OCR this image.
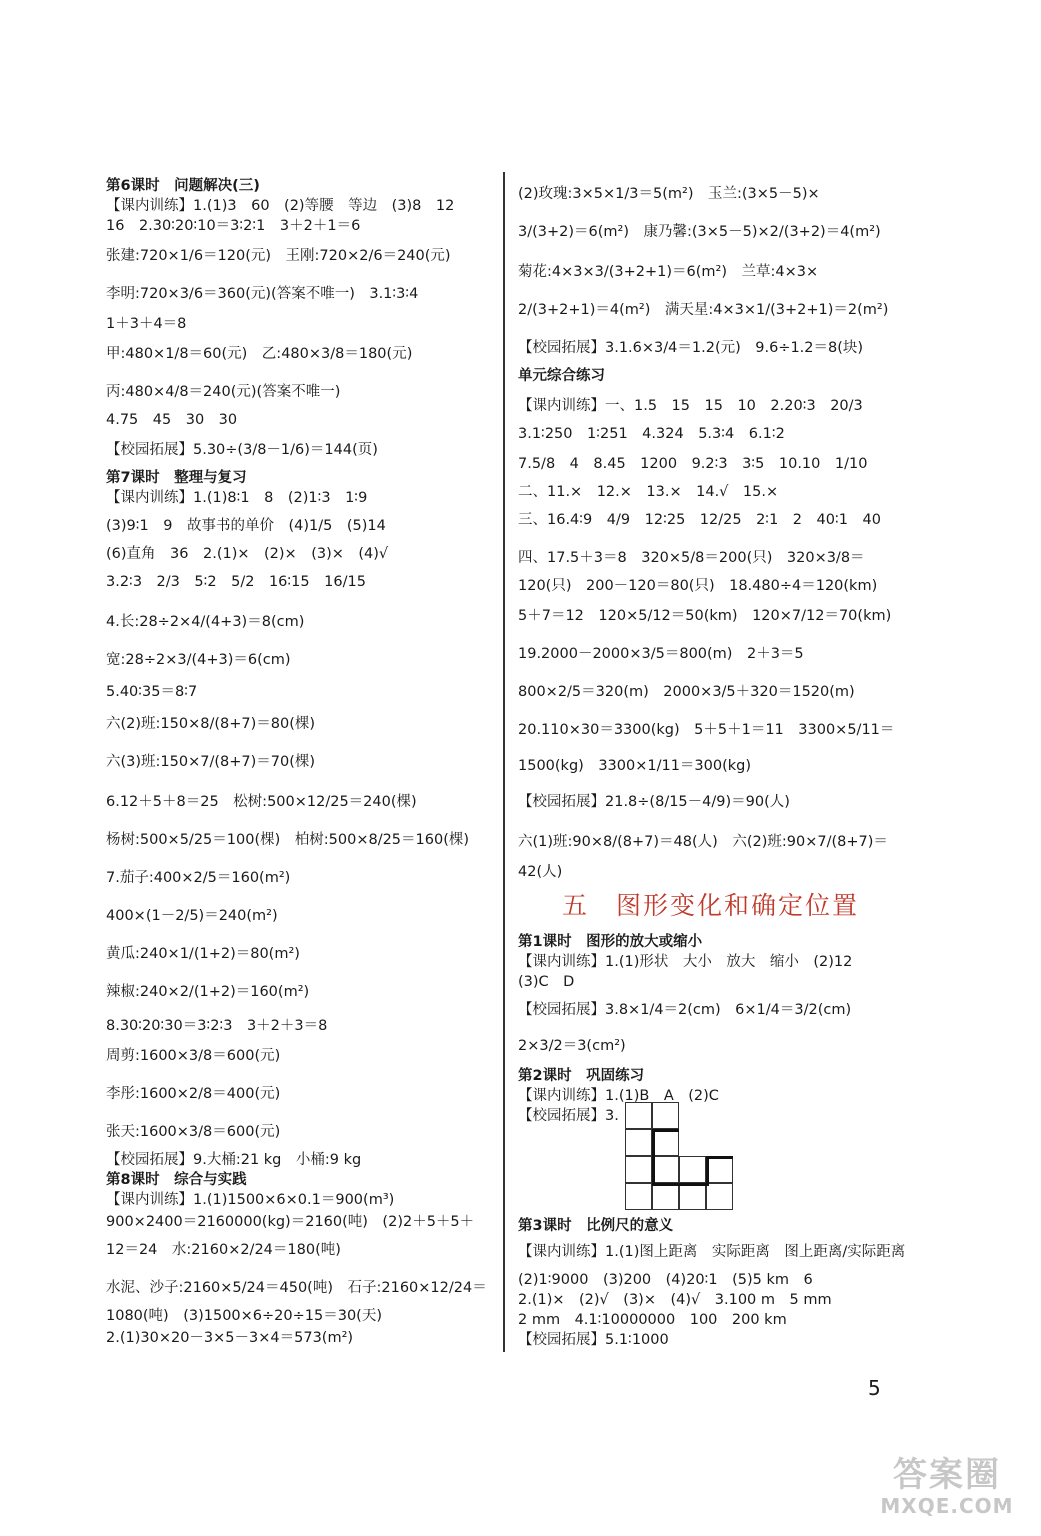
第6课时　问题解决(三)
【课内训练】1.(1)3　60　(2)等腰　等边　(3)8　12
16　2.30∶20∶10＝3∶2∶1　3＋2＋1＝6
张建:720×1/6＝120(元)　王刚:720×2/6＝240(元)
李明:720×3/6＝360(元)(答案不唯一)　3.1∶3∶4
1＋3＋4＝8
甲:480×1/8＝60(元)　乙:480×3/8＝180(元)
丙:480×4/8＝240(元)(答案不唯一)
4.75　45　30　30
【校园拓展】5.30÷(3/8－1/6)＝144(页)
第7课时　整理与复习
【课内训练】1.(1)8∶1　8　(2)1∶3　1∶9
(3)9∶1　9　故事书的单价　(4)1/5　(5)14
(6)直角　36　2.(1)×　(2)×　(3)×　(4)√
3.2∶3　2/3　5∶2　5/2　16∶15　16/15
4.长:28÷2×4/(4+3)＝8(cm)
宽:28÷2×3/(4+3)＝6(cm)
5.40∶35＝8∶7
六(2)班:150×8/(8+7)＝80(棵)
六(3)班:150×7/(8+7)＝70(棵)
6.12＋5＋8＝25　松树:500×12/25＝240(棵)
杨树:500×5/25＝100(棵)　柏树:500×8/25＝160(棵)
7.茄子:400×2/5＝160(m²)
400×(1－2/5)＝240(m²)
黄瓜:240×1/(1+2)＝80(m²)
辣椒:240×2/(1+2)＝160(m²)
8.30∶20∶30＝3∶2∶3　3＋2＋3＝8
周剪:1600×3/8＝600(元)
李彤:1600×2/8＝400(元)
张天:1600×3/8＝600(元)
【校园拓展】9.大桶:21 kg　小桶:9 kg
第8课时　综合与实践
【课内训练】1.(1)1500×6×0.1＝900(m³)
900×2400＝2160000(kg)＝2160(吨)　(2)2＋5＋5＋
12＝24　水:2160×2/24＝180(吨)
水泥、沙子:2160×5/24＝450(吨)　石子:2160×12/24＝
1080(吨)　(3)1500×6÷20÷15＝30(天)
2.(1)30×20－3×5－3×4＝573(m²)
(2)玫瑰:3×5×1/3＝5(m²)　玉兰:(3×5－5)×
3/(3+2)＝6(m²)　康乃馨:(3×5－5)×2/(3+2)＝4(m²)
菊花:4×3×3/(3+2+1)＝6(m²)　兰草:4×3×
2/(3+2+1)＝4(m²)　满天星:4×3×1/(3+2+1)＝2(m²)
【校园拓展】3.1.6×3/4＝1.2(元)　9.6÷1.2＝8(块)
单元综合练习
【课内训练】一、1.5　15　15　10　2.20∶3　20/3
3.1∶250　1∶251　4.324　5.3∶4　6.1∶2
7.5/8　4　8.45　1200　9.2∶3　3∶5　10.10　1/10
二、11.×　12.×　13.×　14.√　15.×
三、16.4∶9　4/9　12∶25　12/25　2∶1　2　40∶1　40
四、17.5＋3＝8　320×5/8＝200(只)　320×3/8＝
120(只)　200－120＝80(只)　18.480÷4＝120(km)
5＋7＝12　120×5/12＝50(km)　120×7/12＝70(km)
19.2000－2000×3/5＝800(m)　2＋3＝5
800×2/5＝320(m)　2000×3/5＋320＝1520(m)
20.110×30＝3300(kg)　5＋5＋1＝11　3300×5/11＝
1500(kg)　3300×1/11＝300(kg)
【校园拓展】21.8÷(8/15－4/9)＝90(人)
六(1)班:90×8/(8+7)＝48(人)　六(2)班:90×7/(8+7)＝
42(人)
五　图形变化和确定位置
第1课时　图形的放大或缩小
【课内训练】1.(1)形状　大小　放大　缩小　(2)12
(3)C　D
【校园拓展】3.8×1/4＝2(cm)　6×1/4＝3/2(cm)
2×3/2＝3(cm²)
第2课时　巩固练习
【课内训练】1.(1)B　A　(2)C
【校园拓展】3.
第3课时　比例尺的意义
【课内训练】1.(1)图上距离　实际距离　图上距离/实际距离
(2)1∶9000　(3)200　(4)20∶1　(5)5 km　6
2.(1)×　(2)√　(3)×　(4)√　3.100 m　5 mm
2 mm　4.1∶10000000　100　200 km
【校园拓展】5.1∶1000
5
答案圈
MXQE.COM
